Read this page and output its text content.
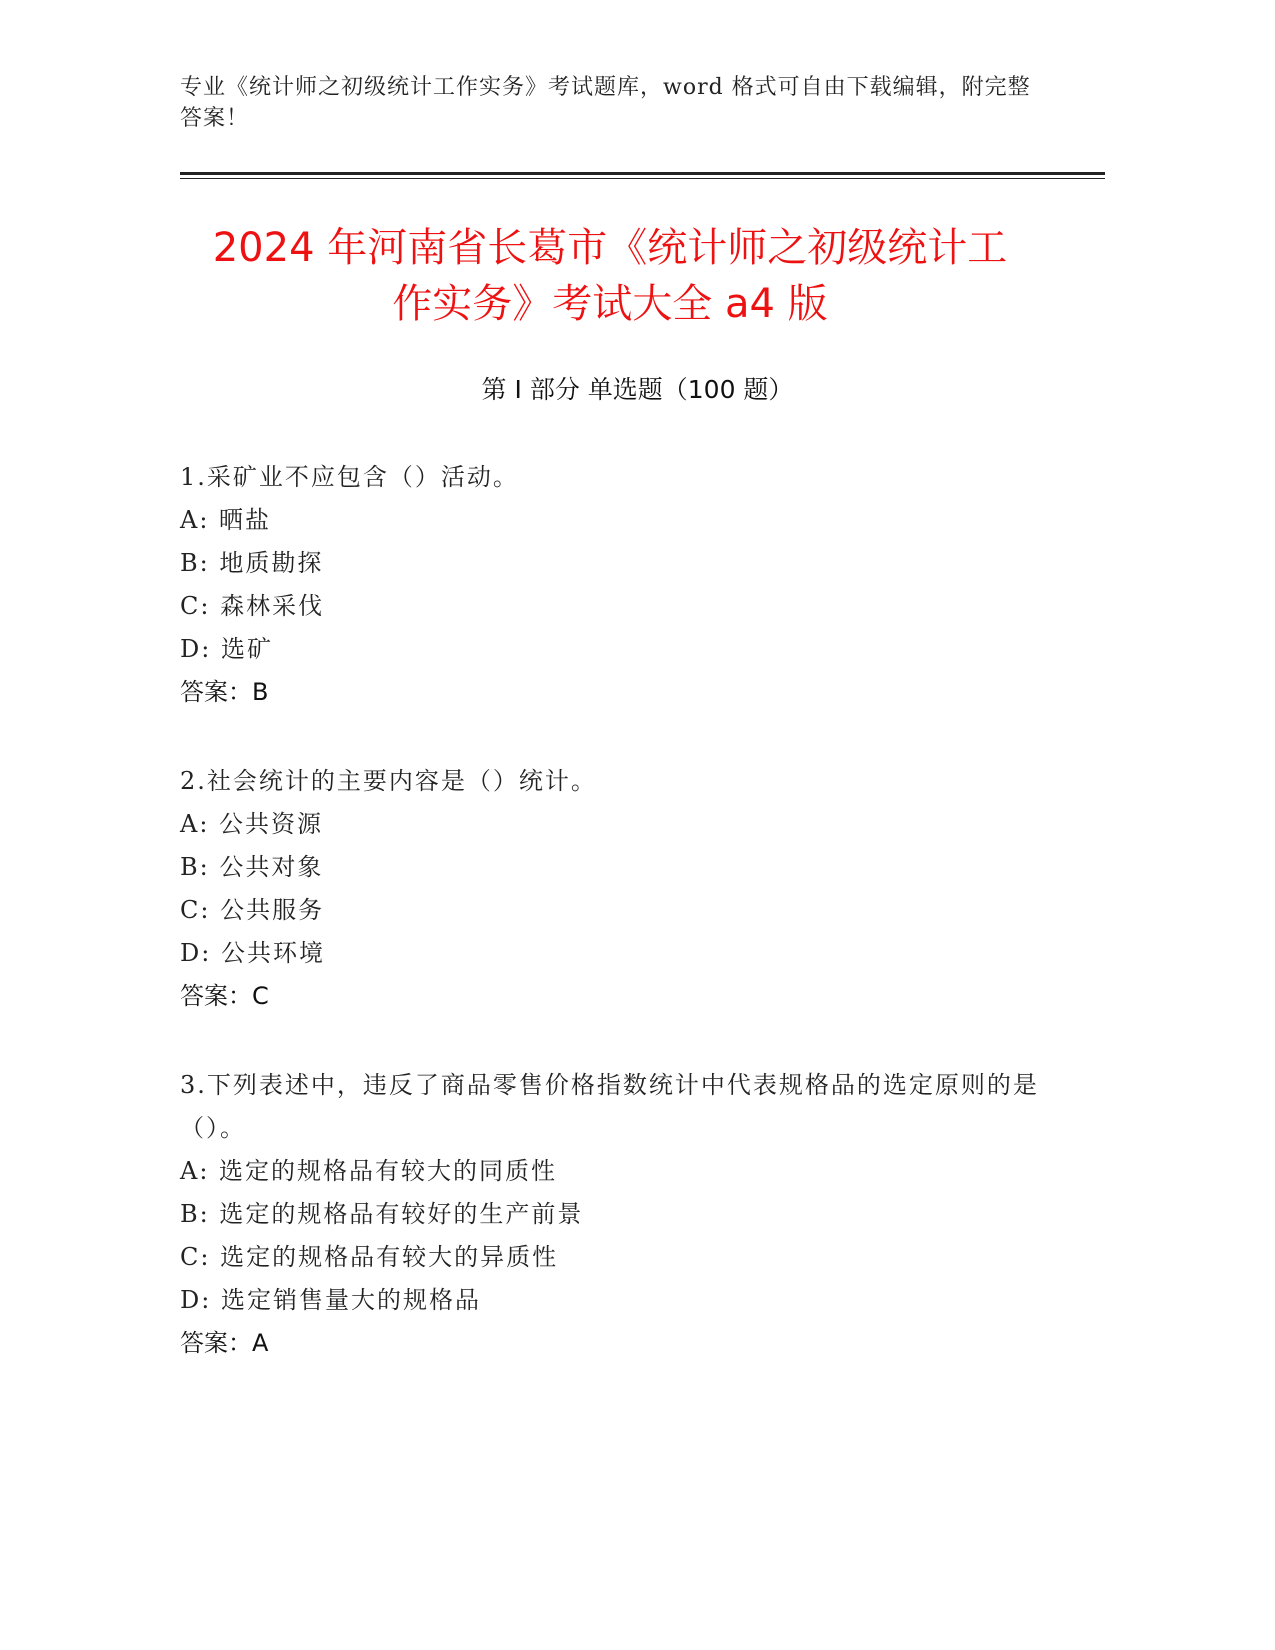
专业《统计师之初级统计工作实务》考试题库，word 格式可自由下载编辑，附完整答案！
2024 年河南省长葛市《统计师之初级统计工
作实务》考试大全 a4 版
第 I 部分 单选题（100 题）
1.采矿业不应包含（）活动。
A: 晒盐
B: 地质勘探
C: 森林采伐
D: 选矿
答案：B
2.社会统计的主要内容是（）统计。
A: 公共资源
B: 公共对象
C: 公共服务
D: 公共环境
答案：C
3.下列表述中，违反了商品零售价格指数统计中代表规格品的选定原则的是（）。
A: 选定的规格品有较大的同质性
B: 选定的规格品有较好的生产前景
C: 选定的规格品有较大的异质性
D: 选定销售量大的规格品
答案：A
